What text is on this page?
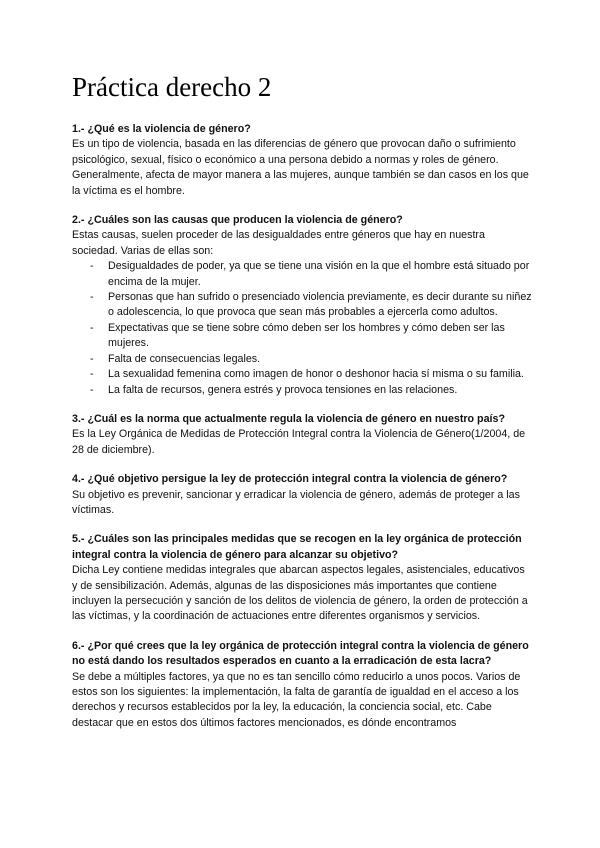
Práctica derecho 2

1.- ¿Qué es la violencia de género?

Es un tipo de violencia, basada en las diferencias de género que provocan daño o sufrimiento psicológico, sexual, físico o económico a una persona debido a normas y roles de género. Generalmente, afecta de mayor manera a las mujeres, aunque también se dan casos en los que la víctima es el hombre.

2.- ¿Cuáles son las causas que producen la violencia de género?

Estas causas, suelen proceder de las desigualdades entre géneros que hay en nuestra sociedad. Varias de ellas son:

- Desigualdades de poder, ya que se tiene una visión en la que el hombre está situado por encima de la mujer.
- Personas que han sufrido o presenciado violencia previamente, es decir durante su niñez o adolescencia, lo que provoca que sean más probables a ejercerla como adultos.
- Expectativas que se tiene sobre cómo deben ser los hombres y cómo deben ser las mujeres.
- Falta de consecuencias legales.
- La sexualidad femenina como imagen de honor o deshonor hacia sí misma o su familia.
- La falta de recursos, genera estrés y provoca tensiones en las relaciones.

3.- ¿Cuál es la norma que actualmente regula la violencia de género en nuestro país?

Es la Ley Orgánica de Medidas de Protección Integral contra la Violencia de Género(1/2004, de 28 de diciembre).

4.- ¿Qué objetivo persigue la ley de protección integral contra la violencia de género?

Su objetivo es prevenir, sancionar y erradicar la violencia de género, además de proteger a las víctimas.

5.- ¿Cuáles son las principales medidas que se recogen en la ley orgánica de protección integral contra la violencia de género para alcanzar su objetivo?

Dicha Ley contiene medidas integrales que abarcan aspectos legales, asistenciales, educativos y de sensibilización. Además, algunas de las disposiciones más importantes que contiene incluyen la persecución y sanción de los delitos de violencia de género, la orden de protección a las víctimas, y la coordinación de actuaciones entre diferentes organismos y servicios.

6.- ¿Por qué crees que la ley orgánica de protección integral contra la violencia de género no está dando los resultados esperados en cuanto a la erradicación de esta lacra?

Se debe a múltiples factores, ya que no es tan sencillo cómo reducirlo a unos pocos. Varios de estos son los siguientes: la implementación, la falta de garantía de igualdad en el acceso a los derechos y recursos establecidos por la ley, la educación, la conciencia social, etc. Cabe destacar que en estos dos últimos factores mencionados, es dónde encontramos
